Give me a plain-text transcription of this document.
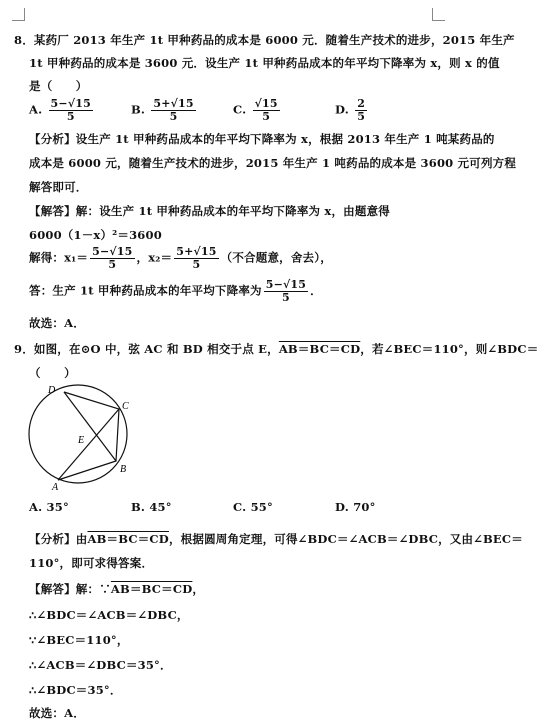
8．某药厂 2013 年生产 1t 甲种药品的成本是 6000 元．随着生产技术的进步，2015 年生产
1t 甲种药品的成本是 3600 元．设生产 1t 甲种药品成本的年平均下降率为 x，则 x 的值
是（　　）
A. $\frac{5-√15}{5}$	B. $\frac{5+√15}{5}$	C. $\frac{√15}{5}$	D. $\frac{2}{5}$
【分析】设生产 1t 甲种药品成本的年平均下降率为 x，根据 2013 年生产 1 吨某药品的
成本是 6000 元，随着生产技术的进步，2015 年生产 1 吨药品的成本是 3600 元可列方程
解答即可．
【解答】解：设生产 1t 甲种药品成本的年平均下降率为 x，由题意得
6000（1－x）²＝3600
解得：$x_1= \frac{5-√15}{5}$ ，$x_2= \frac{5+√15}{5}$ （不合题意，舍去），
答：生产 1t 甲种药品成本的年平均下降率为 $\frac{5-√15}{5}$ ．
故选：A．
9．如图，在⊙O 中，弦 AC 和 BD 相交于点 E，AB＝BC＝CD，若∠BEC＝110°，则∠BDC＝
（　　）
D
C
E
B
A
A. 35°	B. 45°	C. 55°	D. 70°
【分析】由AB＝BC＝CD，根据圆周角定理，可得∠BDC＝∠ACB＝∠DBC，又由∠BEC＝
110°，即可求得答案．
【解答】解：∵AB＝BC＝CD，
∴∠BDC＝∠ACB＝∠DBC，
∵∠BEC＝110°，
∴∠ACB＝∠DBC＝35°．
∴∠BDC＝35°．
故选：A．
